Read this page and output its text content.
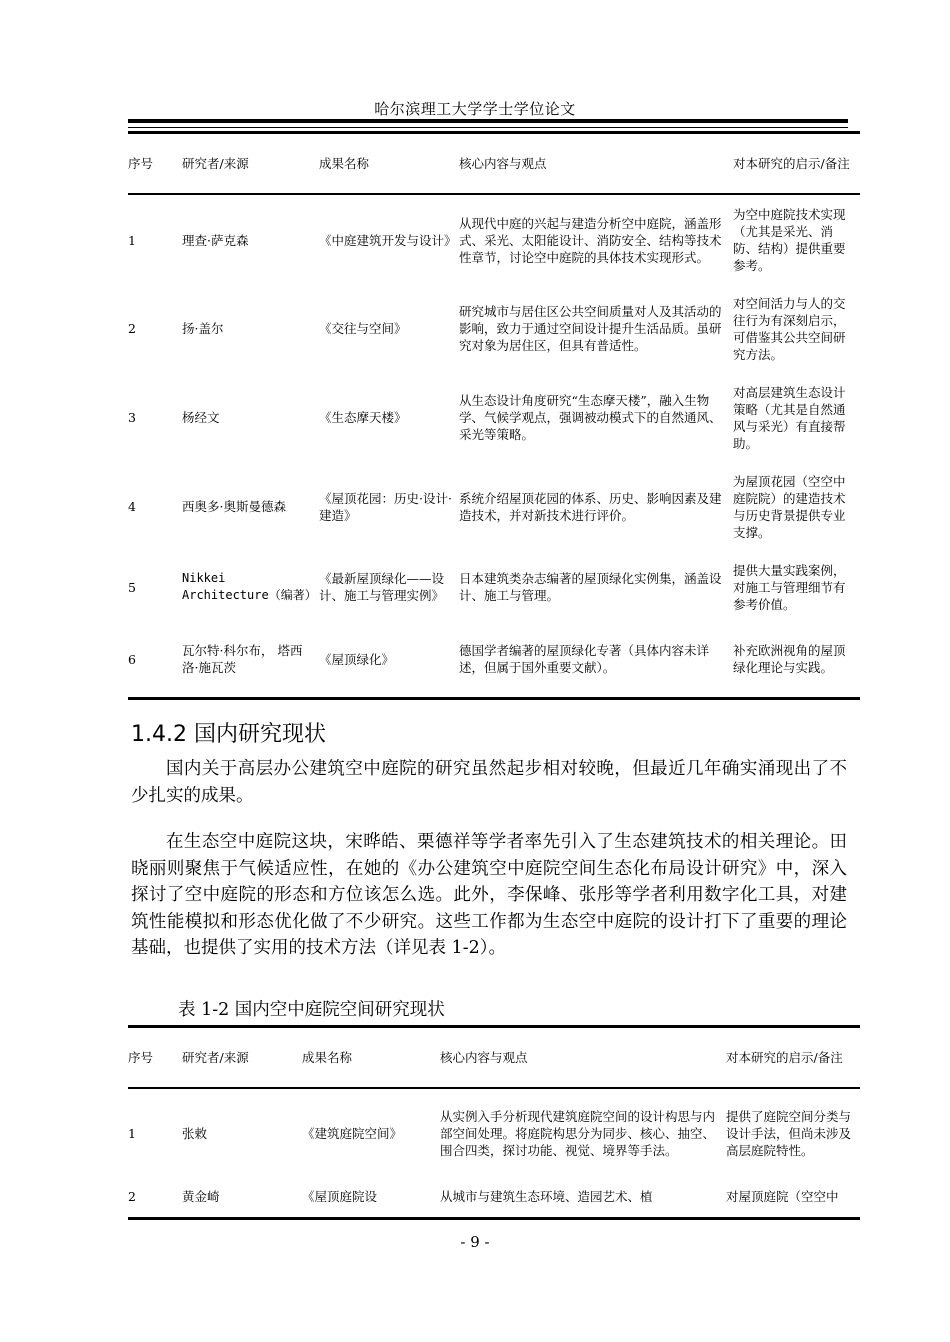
哈尔滨理工大学学士学位论文
序号	研究者/来源	成果名称	核心内容与观点	对本研究的启示/备注

1	理查·萨克森	《中庭建筑开发与设计》	从现代中庭的兴起与建造分析空中庭院，涵盖形式、采光、太阳能设计、消防安全、结构等技术性章节，讨论空中庭院的具体技术实现形式。	为空中庭院技术实现（尤其是采光、消防、结构）提供重要参考。
2	扬·盖尔	《交往与空间》	研究城市与居住区公共空间质量对人及其活动的影响，致力于通过空间设计提升生活品质。虽研究对象为居住区，但具有普适性。	对空间活力与人的交往行为有深刻启示，可借鉴其公共空间研究方法。
3	杨经文	《生态摩天楼》	从生态设计角度研究“生态摩天楼”，融入生物学、气候学观点，强调被动模式下的自然通风、采光等策略。	对高层建筑生态设计策略（尤其是自然通风与采光）有直接帮助。
4	西奥多·奥斯曼德森	《屋顶花园：历史·设计·建造》	系统介绍屋顶花园的体系、历史、影响因素及建造技术，并对新技术进行评价。	为屋顶花园（空空中庭院院）的建造技术与历史背景提供专业支撑。
5	Nikkei Architecture（编著）	《最新屋顶绿化——设计、施工与管理实例》	日本建筑类杂志编著的屋顶绿化实例集，涵盖设计、施工与管理。	提供大量实践案例，对施工与管理细节有参考价值。
6	瓦尔特·科尔布， 塔西洛·施瓦茨	《屋顶绿化》	德国学者编著的屋顶绿化专著（具体内容未详述，但属于国外重要文献）。	补充欧洲视角的屋顶绿化理论与实践。
1.4.2 国内研究现状

国内关于高层办公建筑空中庭院的研究虽然起步相对较晚，但最近几年确实涌现出了不少扎实的成果。

在生态空中庭院这块，宋晔皓、栗德祥等学者率先引入了生态建筑技术的相关理论。田晓丽则聚焦于气候适应性，在她的《办公建筑空中庭院空间生态化布局设计研究》中，深入探讨了空中庭院的形态和方位该怎么选。此外，李保峰、张彤等学者利用数字化工具，对建筑性能模拟和形态优化做了不少研究。这些工作都为生态空中庭院的设计打下了重要的理论基础，也提供了实用的技术方法（详见表 1-2）。

表 1-2 国内空中庭院空间研究现状
序号	研究者/来源	成果名称	核心内容与观点	对本研究的启示/备注

1	张敕	《建筑庭院空间》	从实例入手分析现代建筑庭院空间的设计构思与内部空间处理。将庭院构思分为同步、核心、抽空、围合四类，探讨功能、视觉、境界等手法。	提供了庭院空间分类与设计手法，但尚未涉及高层庭院特性。
2	黄金崎	《屋顶庭院设	从城市与建筑生态环境、造园艺术、植	对屋顶庭院（空空中
- 9 -
